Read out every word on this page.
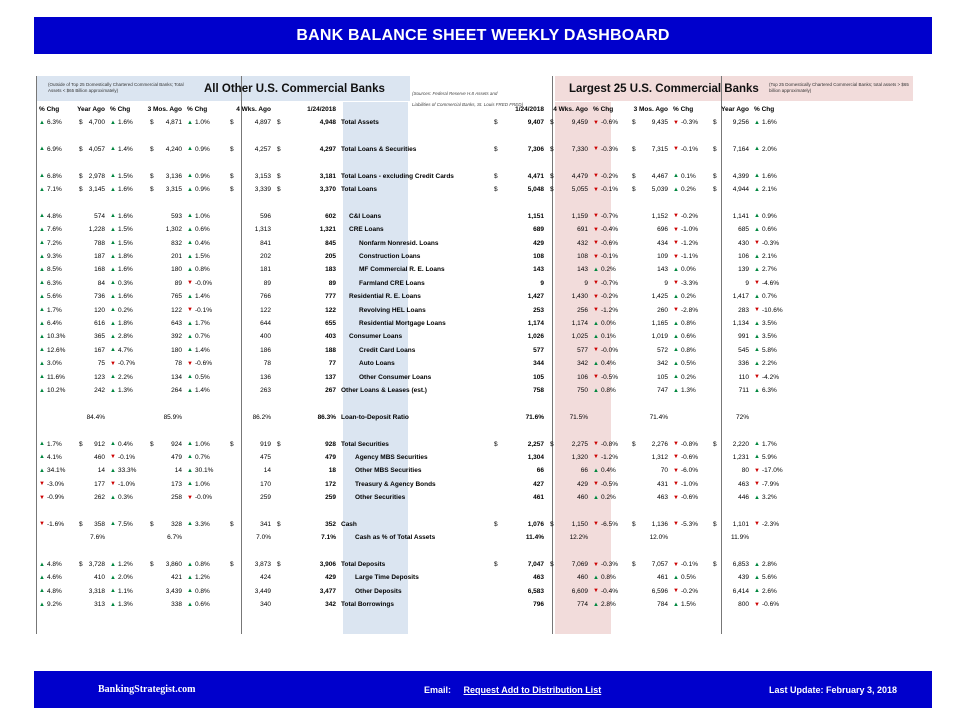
BANK BALANCE SHEET WEEKLY DASHBOARD
(Outside of Top 25 Domestically Chartered Commercial Banks; Total Assets < $65 Billion approximately)	All Other U.S. Commercial Banks	(Sources: Federal Reserve H.8 Assets and
Liabilities of Commercial Banks, St. Louis FRED FRED)
Largest 25 U.S. Commercial Banks (Top 25 Domestically Chartered Commercial Banks; total assets > $65 billion approximately)
% Chg		Year Ago		% Chg		3 Mos. Ago		% Chg		4 Wks. Ago		1/24/2018			1/24/2018		4 Wks. Ago		% Chg		3 Mos. Ago		% Chg		Year Ago		% Chg	
▲	6.3%	$	4,700	▲	1.6%	$	4,871	▲	1.0%	$	4,897	$	4,948	Total Assets	$	9,407	$	9,459	▼	-0.6%	$	9,435	▼	-0.3%	$	9,256	▲	1.6%

▲	6.9%	$	4,057	▲	1.4%	$	4,240	▲	0.9%	$	4,257	$	4,297	Total Loans & Securities	$	7,306	$	7,330	▼	-0.3%	$	7,315	▼	-0.1%	$	7,164	▲	2.0%

▲	6.8%	$	2,978	▲	1.5%	$	3,136	▲	0.9%	$	3,153	$	3,181	Total Loans - excluding Credit Cards	$	4,471	$	4,479	▼	-0.2%	$	4,467	▲	0.1%	$	4,399	▲	1.6%
▲	7.1%	$	3,145	▲	1.6%	$	3,315	▲	0.9%	$	3,339	$	3,370	Total Loans	$	5,048	$	5,055	▼	-0.1%	$	5,039	▲	0.2%	$	4,944	▲	2.1%

▲	4.8%		574	▲	1.6%		593	▲	1.0%		596		602	C&I Loans		1,151		1,159	▼	-0.7%		1,152	▼	-0.2%		1,141	▲	0.9%
▲	7.6%		1,228	▲	1.5%		1,302	▲	0.6%		1,313		1,321	CRE Loans		689		691	▼	-0.4%		696	▼	-1.0%		685	▲	0.6%
▲	7.2%		788	▲	1.5%		832	▲	0.4%		841		845	Nonfarm Nonresid. Loans		429		432	▼	-0.6%		434	▼	-1.2%		430	▼	-0.3%
▲	9.3%		187	▲	1.8%		201	▲	1.5%		202		205	Construction Loans		108		108	▼	-0.1%		109	▼	-1.1%		106	▲	2.1%
▲	8.5%		168	▲	1.6%		180	▲	0.8%		181		183	MF Commercial R. E. Loans		143		143	▲	0.2%		143	▲	0.0%		139	▲	2.7%
▲	6.3%		84	▲	0.3%		89	▼	-0.0%		89		89	Farmland CRE Loans		9		9	▼	-0.7%		9	▼	-3.3%		9	▼	-4.6%
▲	5.6%		736	▲	1.6%		765	▲	1.4%		766		777	Residential R. E. Loans		1,427		1,430	▼	-0.2%		1,425	▲	0.2%		1,417	▲	0.7%
▲	1.7%		120	▲	0.2%		122	▼	-0.1%		122		122	Revolving HEL Loans		253		256	▼	-1.2%		260	▼	-2.8%		283	▼	-10.6%
▲	6.4%		616	▲	1.8%		643	▲	1.7%		644		655	Residential Mortgage Loans		1,174		1,174	▲	0.0%		1,165	▲	0.8%		1,134	▲	3.5%
▲	10.3%		365	▲	2.8%		392	▲	0.7%		400		403	Consumer Loans		1,026		1,025	▲	0.1%		1,019	▲	0.6%		991	▲	3.5%
▲	12.6%		167	▲	4.7%		180	▲	1.4%		186		188	Credit Card Loans		577		577	▼	-0.0%		572	▲	0.8%		545	▲	5.8%
▲	3.0%		75	▼	-0.7%		78	▼	-0.6%		78		77	Auto Loans		344		342	▲	0.4%		342	▲	0.5%		336	▲	2.2%
▲	11.6%		123	▲	2.2%		134	▲	0.5%		136		137	Other Consumer Loans		105		106	▼	-0.5%		105	▲	0.2%		110	▼	-4.2%
▲	10.2%		242	▲	1.3%		264	▲	1.4%		263		267	Other Loans & Leases (est.)		758		750	▲	0.8%		747	▲	1.3%		711	▲	6.3%

			84.4%				85.9%				86.2%		86.3%	Loan-to-Deposit Ratio		71.6%		71.5%				71.4%				72%		

▲	1.7%	$	912	▲	0.4%	$	924	▲	1.0%	$	919	$	928	Total Securities	$	2,257	$	2,275	▼	-0.8%	$	2,276	▼	-0.8%	$	2,220	▲	1.7%
▲	4.1%		460	▼	-0.1%		479	▲	0.7%		475		479	Agency MBS Securities		1,304		1,320	▼	-1.2%		1,312	▼	-0.6%		1,231	▲	5.9%
▲	34.1%		14	▲	33.3%		14	▲	30.1%		14		18	Other MBS Securities		66		66	▲	0.4%		70	▼	-6.0%		80	▼	-17.0%
▼	-3.0%		177	▼	-1.0%		173	▲	1.0%		170		172	Treasury & Agency Bonds		427		429	▼	-0.5%		431	▼	-1.0%		463	▼	-7.9%
▼	-0.9%		262	▲	0.3%		258	▼	-0.0%		259		259	Other Securities		461		460	▲	0.2%		463	▼	-0.6%		446	▲	3.2%

▼	-1.6%	$	358	▲	7.5%	$	328	▲	3.3%	$	341	$	352	Cash	$	1,076	$	1,150	▼	-6.5%	$	1,136	▼	-5.3%	$	1,101	▼	-2.3%
			7.6%				6.7%				7.0%		7.1%	Cash as % of Total Assets		11.4%		12.2%				12.0%				11.9%		

▲	4.8%	$	3,728	▲	1.2%	$	3,860	▲	0.8%	$	3,873	$	3,906	Total Deposits	$	7,047	$	7,069	▼	-0.3%	$	7,057	▼	-0.1%	$	6,853	▲	2.8%
▲	4.6%		410	▲	2.0%		421	▲	1.2%		424		429	Large Time Deposits		463		460	▲	0.8%		461	▲	0.5%		439	▲	5.6%
▲	4.8%		3,318	▲	1.1%		3,439	▲	0.8%		3,449		3,477	Other Deposits		6,583		6,609	▼	-0.4%		6,596	▼	-0.2%		6,414	▲	2.6%
▲	9.2%		313	▲	1.3%		338	▲	0.6%		340		342	Total Borrowings		796		774	▲	2.8%		784	▲	1.5%		800	▼	-0.6%
BankingStrategist.com	Email: Request Add to Distribution List	Last Update: February 3, 2018
